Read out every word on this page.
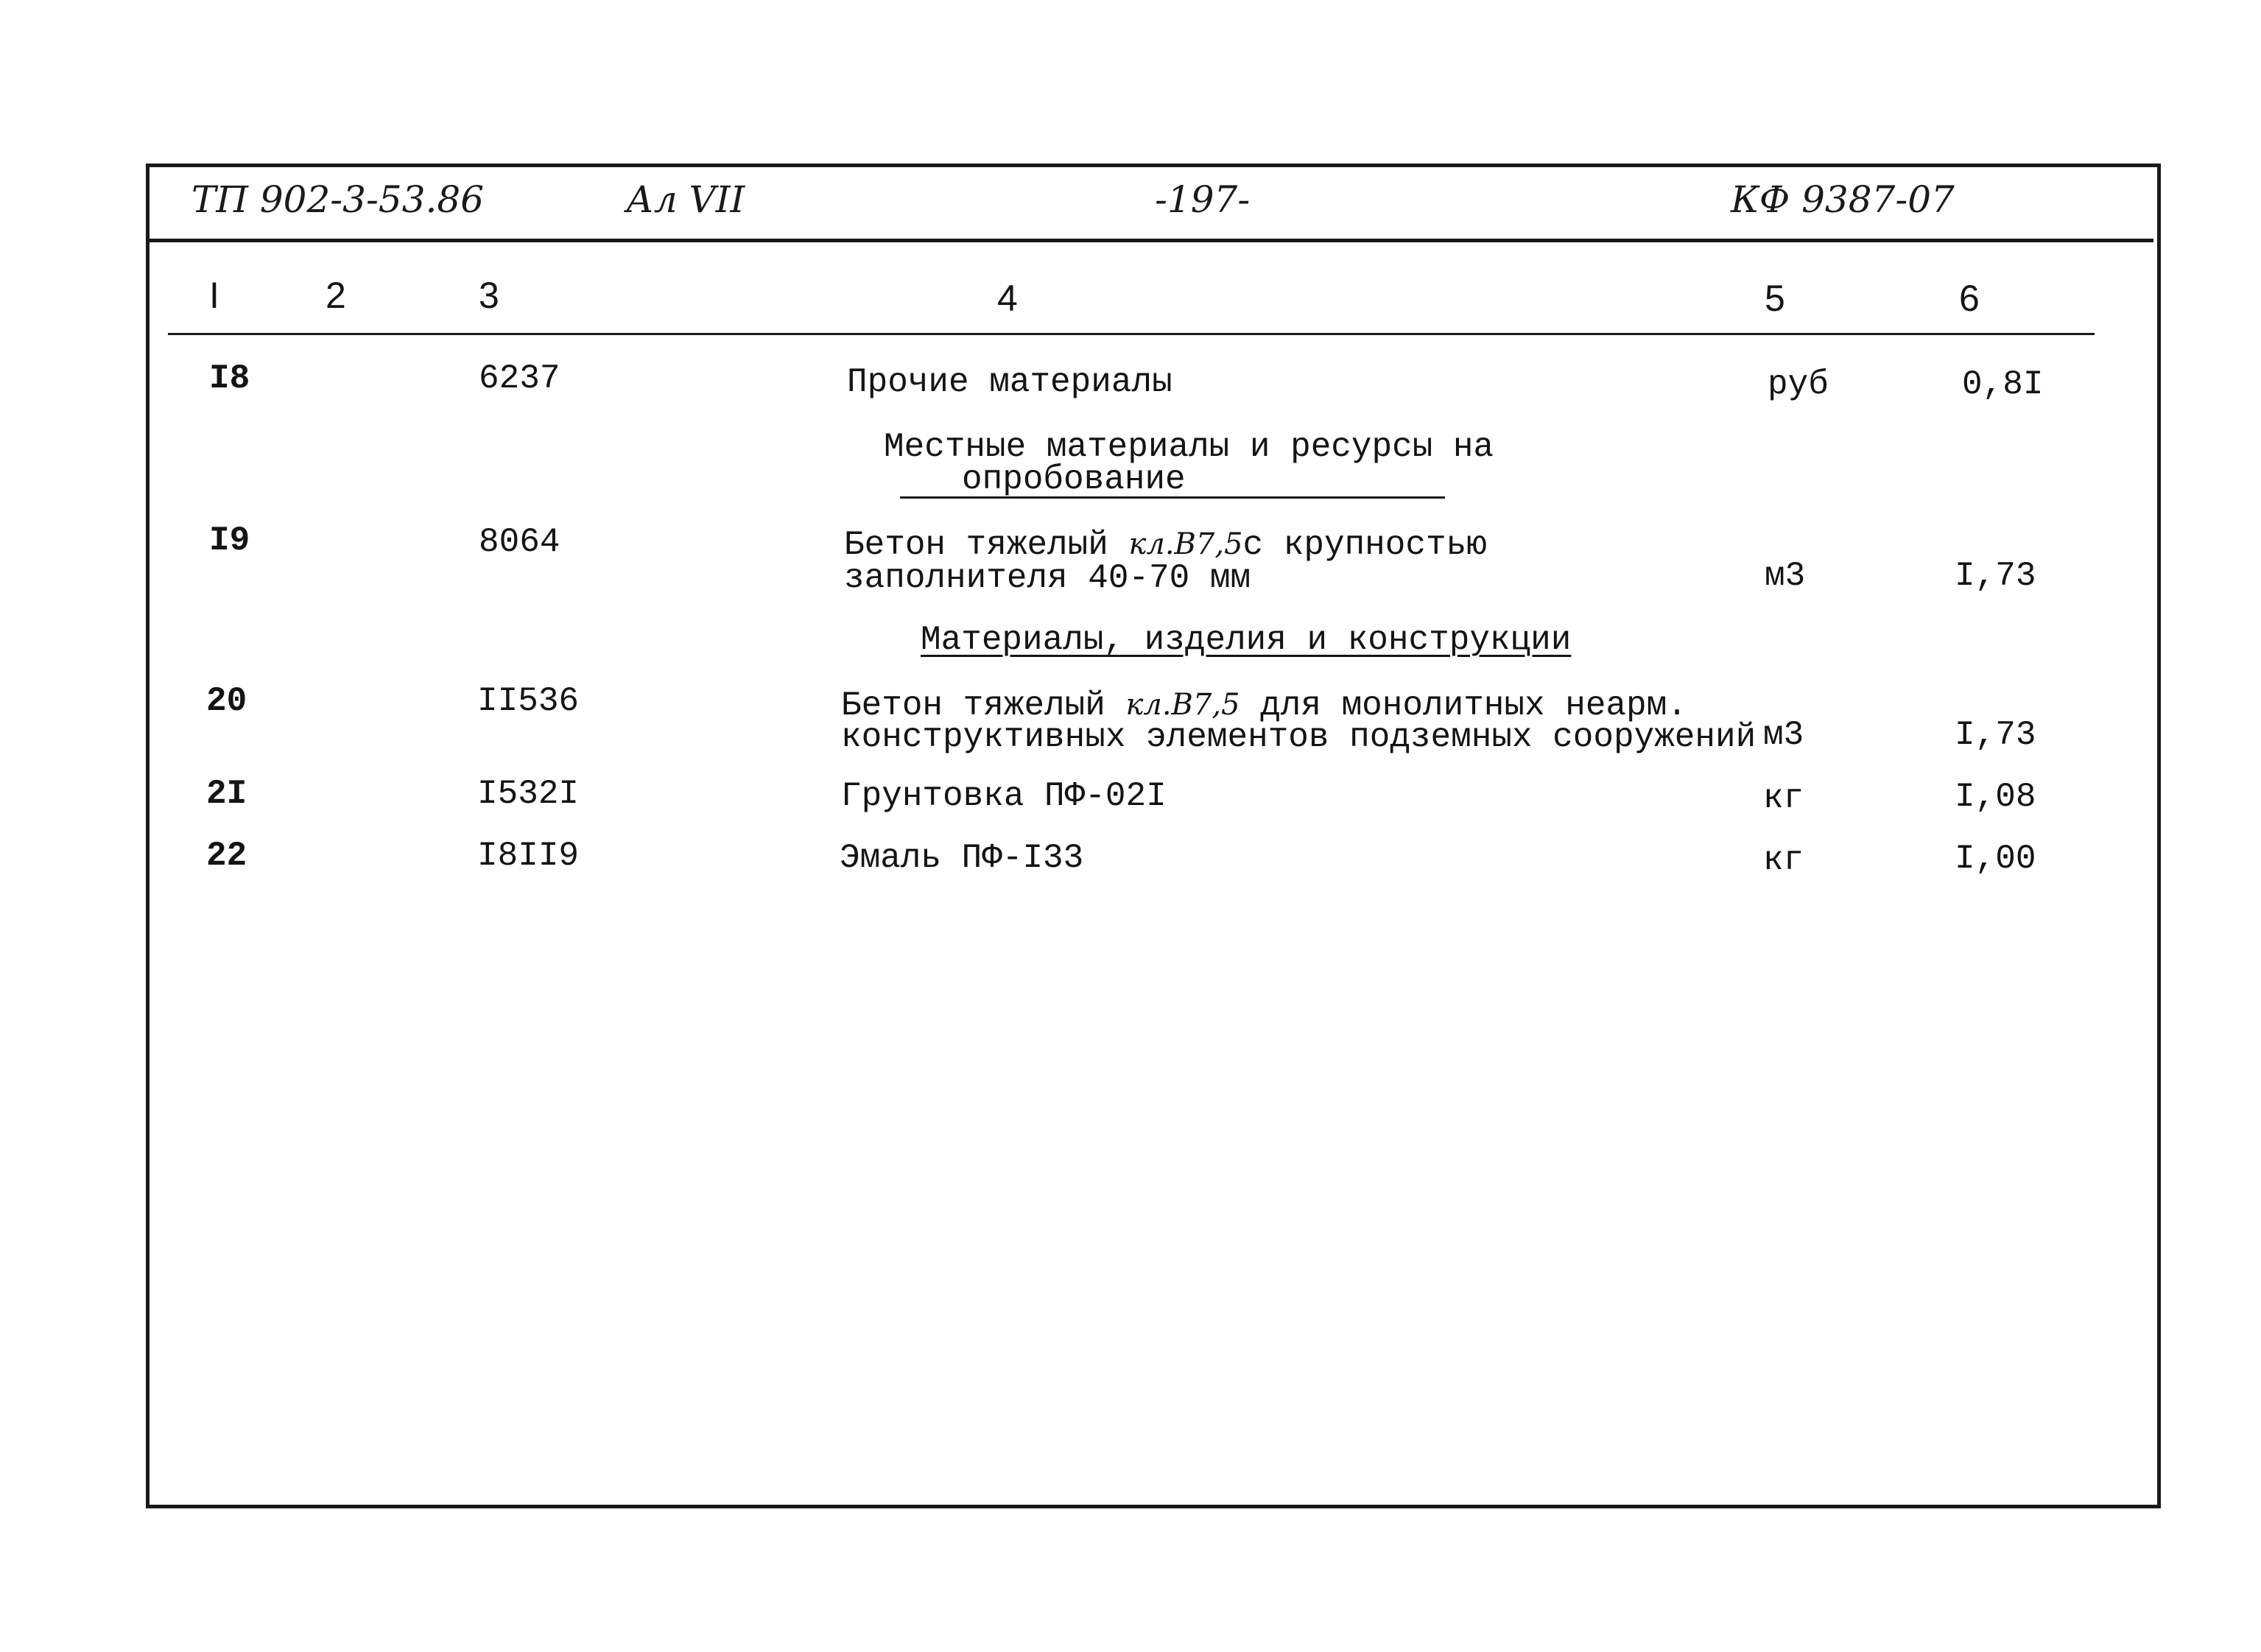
ТП 902-3-53.86	Ал VII	-197-	КФ 9387-07
I	2	3	4	5	6
I8	6237	Прочие материалы	руб	0,8I
Местные материалы и ресурсы на
опробование
I9	8064	Бетон тяжелый кл.В7,5с крупностью
заполнителя 40-70 мм	м3	I,73
Материалы, изделия и конструкции
20	II536	Бетон тяжелый кл.В7,5 для монолитных неарм.
конструктивных элементов подземных сооружений м3	I,73
2I	I532I	Грунтовка ПФ-02I	кг	I,08
22	I8II9	Эмаль ПФ-I33	кг	I,00
